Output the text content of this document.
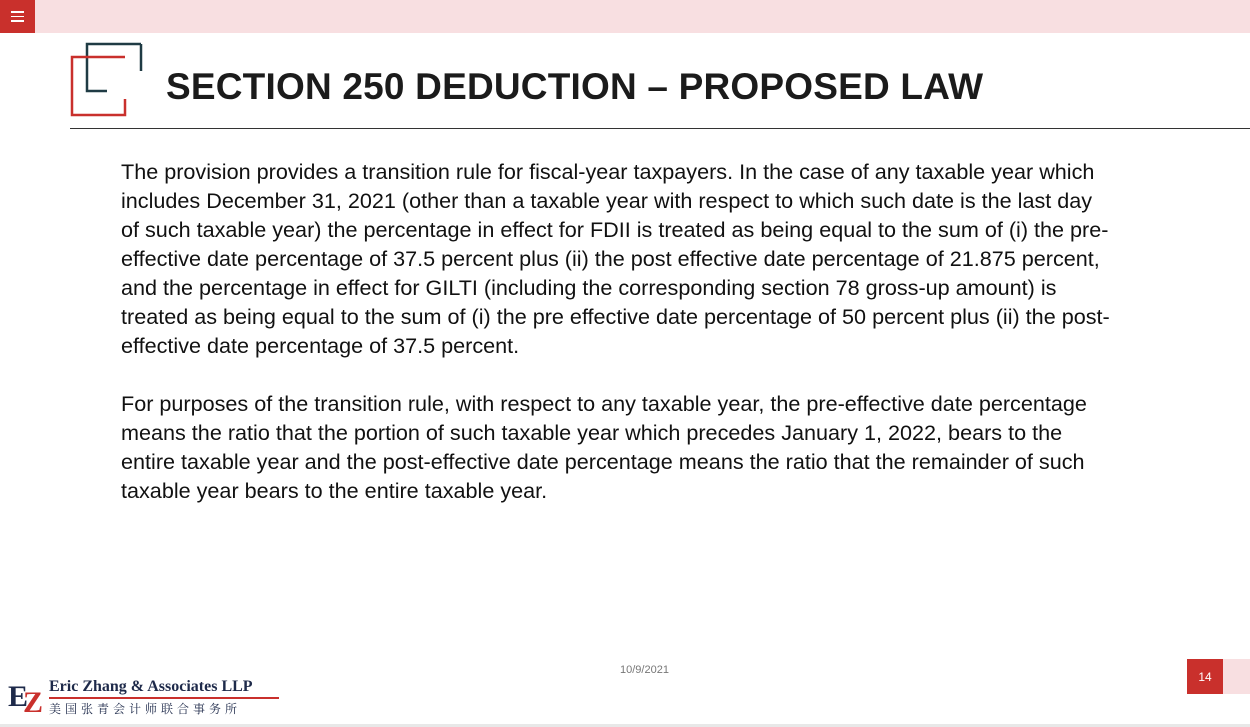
SECTION 250 DEDUCTION – PROPOSED LAW

The provision provides a transition rule for fiscal-year taxpayers. In the case of any taxable year which includes December 31, 2021 (other than a taxable year with respect to which such date is the last day of such taxable year) the percentage in effect for FDII is treated as being equal to the sum of (i) the pre-effective date percentage of 37.5 percent plus (ii) the post effective date percentage of 21.875 percent, and the percentage in effect for GILTI (including the corresponding section 78 gross-up amount) is treated as being equal to the sum of (i) the pre effective date percentage of 50 percent plus (ii) the post-effective date percentage of 37.5 percent.

For purposes of the transition rule, with respect to any taxable year, the pre-effective date percentage means the ratio that the portion of such taxable year which precedes January 1, 2022, bears to the entire taxable year and the post-effective date percentage means the ratio that the remainder of such taxable year bears to the entire taxable year.

10/9/2021	14
E
Z Eric Zhang & Associates LLP
美国张青会计师联合事务所
